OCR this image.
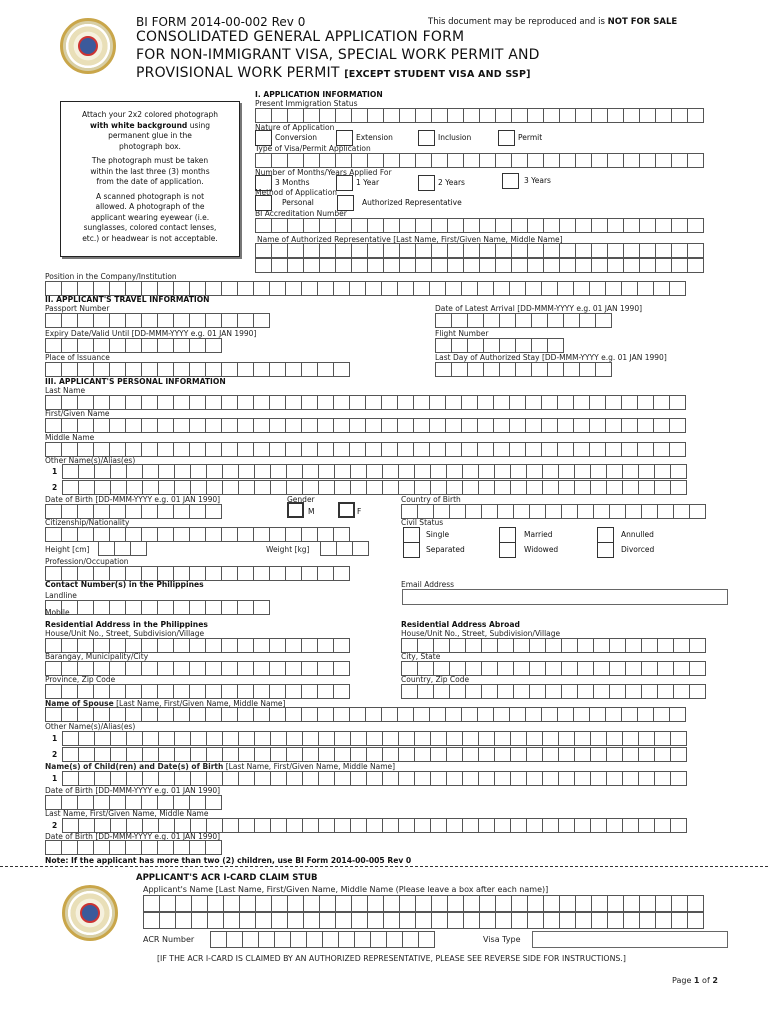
BI FORM 2014-00-002 Rev 0	This document may be reproduced and is NOT FOR SALE
CONSOLIDATED GENERAL APPLICATION FORM
FOR NON-IMMIGRANT VISA, SPECIAL WORK PERMIT AND
PROVISIONAL WORK PERMIT [EXCEPT STUDENT VISA AND SSP]
Attach your 2x2 colored photograph
with white background using
permanent glue in the
photograph box.
The photograph must be taken
within the last three (3) months
from the date of application.
A scanned photograph is not
allowed. A photograph of the
applicant wearing eyewear (i.e.
sunglasses, colored contact lenses,
etc.) or headwear is not acceptable.
I. APPLICATION INFORMATION
Present Immigration Status
Nature of Application
Conversion	Extension	Inclusion	Permit
Type of Visa/Permit Application
Number of Months/Years Applied For
3 Months	1 Year	2 Years	3 Years
Method of Application
Personal	Authorized Representative
BI Accreditation Number
Name of Authorized Representative [Last Name, First/Given Name, Middle Name]
Position in the Company/Institution
II. APPLICANT'S TRAVEL INFORMATION
Passport Number	Date of Latest Arrival [DD-MMM-YYYY e.g. 01 JAN 1990]
Expiry Date/Valid Until [DD-MMM-YYYY e.g. 01 JAN 1990]	Flight Number
Place of Issuance	Last Day of Authorized Stay [DD-MMM-YYYY e.g. 01 JAN 1990]
III. APPLICANT'S PERSONAL INFORMATION
Last Name
First/Given Name
Middle Name
Other Name(s)/Alias(es)
1
2
Date of Birth [DD-MMM-YYYY e.g. 01 JAN 1990]	Gender
M	F
Country of Birth
Citizenship/Nationality	Civil Status
Single	Married	Annulled
Separated	Widowed	Divorced
Height [cm]	Weight [kg]
Profession/Occupation
Contact Number(s) in the Philippines	Email Address
Landline
Mobile
Residential Address in the Philippines	Residential Address Abroad
House/Unit No., Street, Subdivision/Village	House/Unit No., Street, Subdivision/Village
Barangay, Municipality/City	City, State
Province, Zip Code	Country, Zip Code
Name of Spouse [Last Name, First/Given Name, Middle Name]
Other Name(s)/Alias(es)
1
2
Name(s) of Child(ren) and Date(s) of Birth [Last Name, First/Given Name, Middle Name]
1
Date of Birth [DD-MMM-YYYY e.g. 01 JAN 1990]
Last Name, First/Given Name, Middle Name
2
Date of Birth [DD-MMM-YYYY e.g. 01 JAN 1990]
Note: If the applicant has more than two (2) children, use BI Form 2014-00-005 Rev 0
APPLICANT'S ACR I-CARD CLAIM STUB
Applicant's Name [Last Name, First/Given Name, Middle Name (Please leave a box after each name)]
ACR Number	Visa Type
[IF THE ACR I-CARD IS CLAIMED BY AN AUTHORIZED REPRESENTATIVE, PLEASE SEE REVERSE SIDE FOR INSTRUCTIONS.]
Page 1 of 2
